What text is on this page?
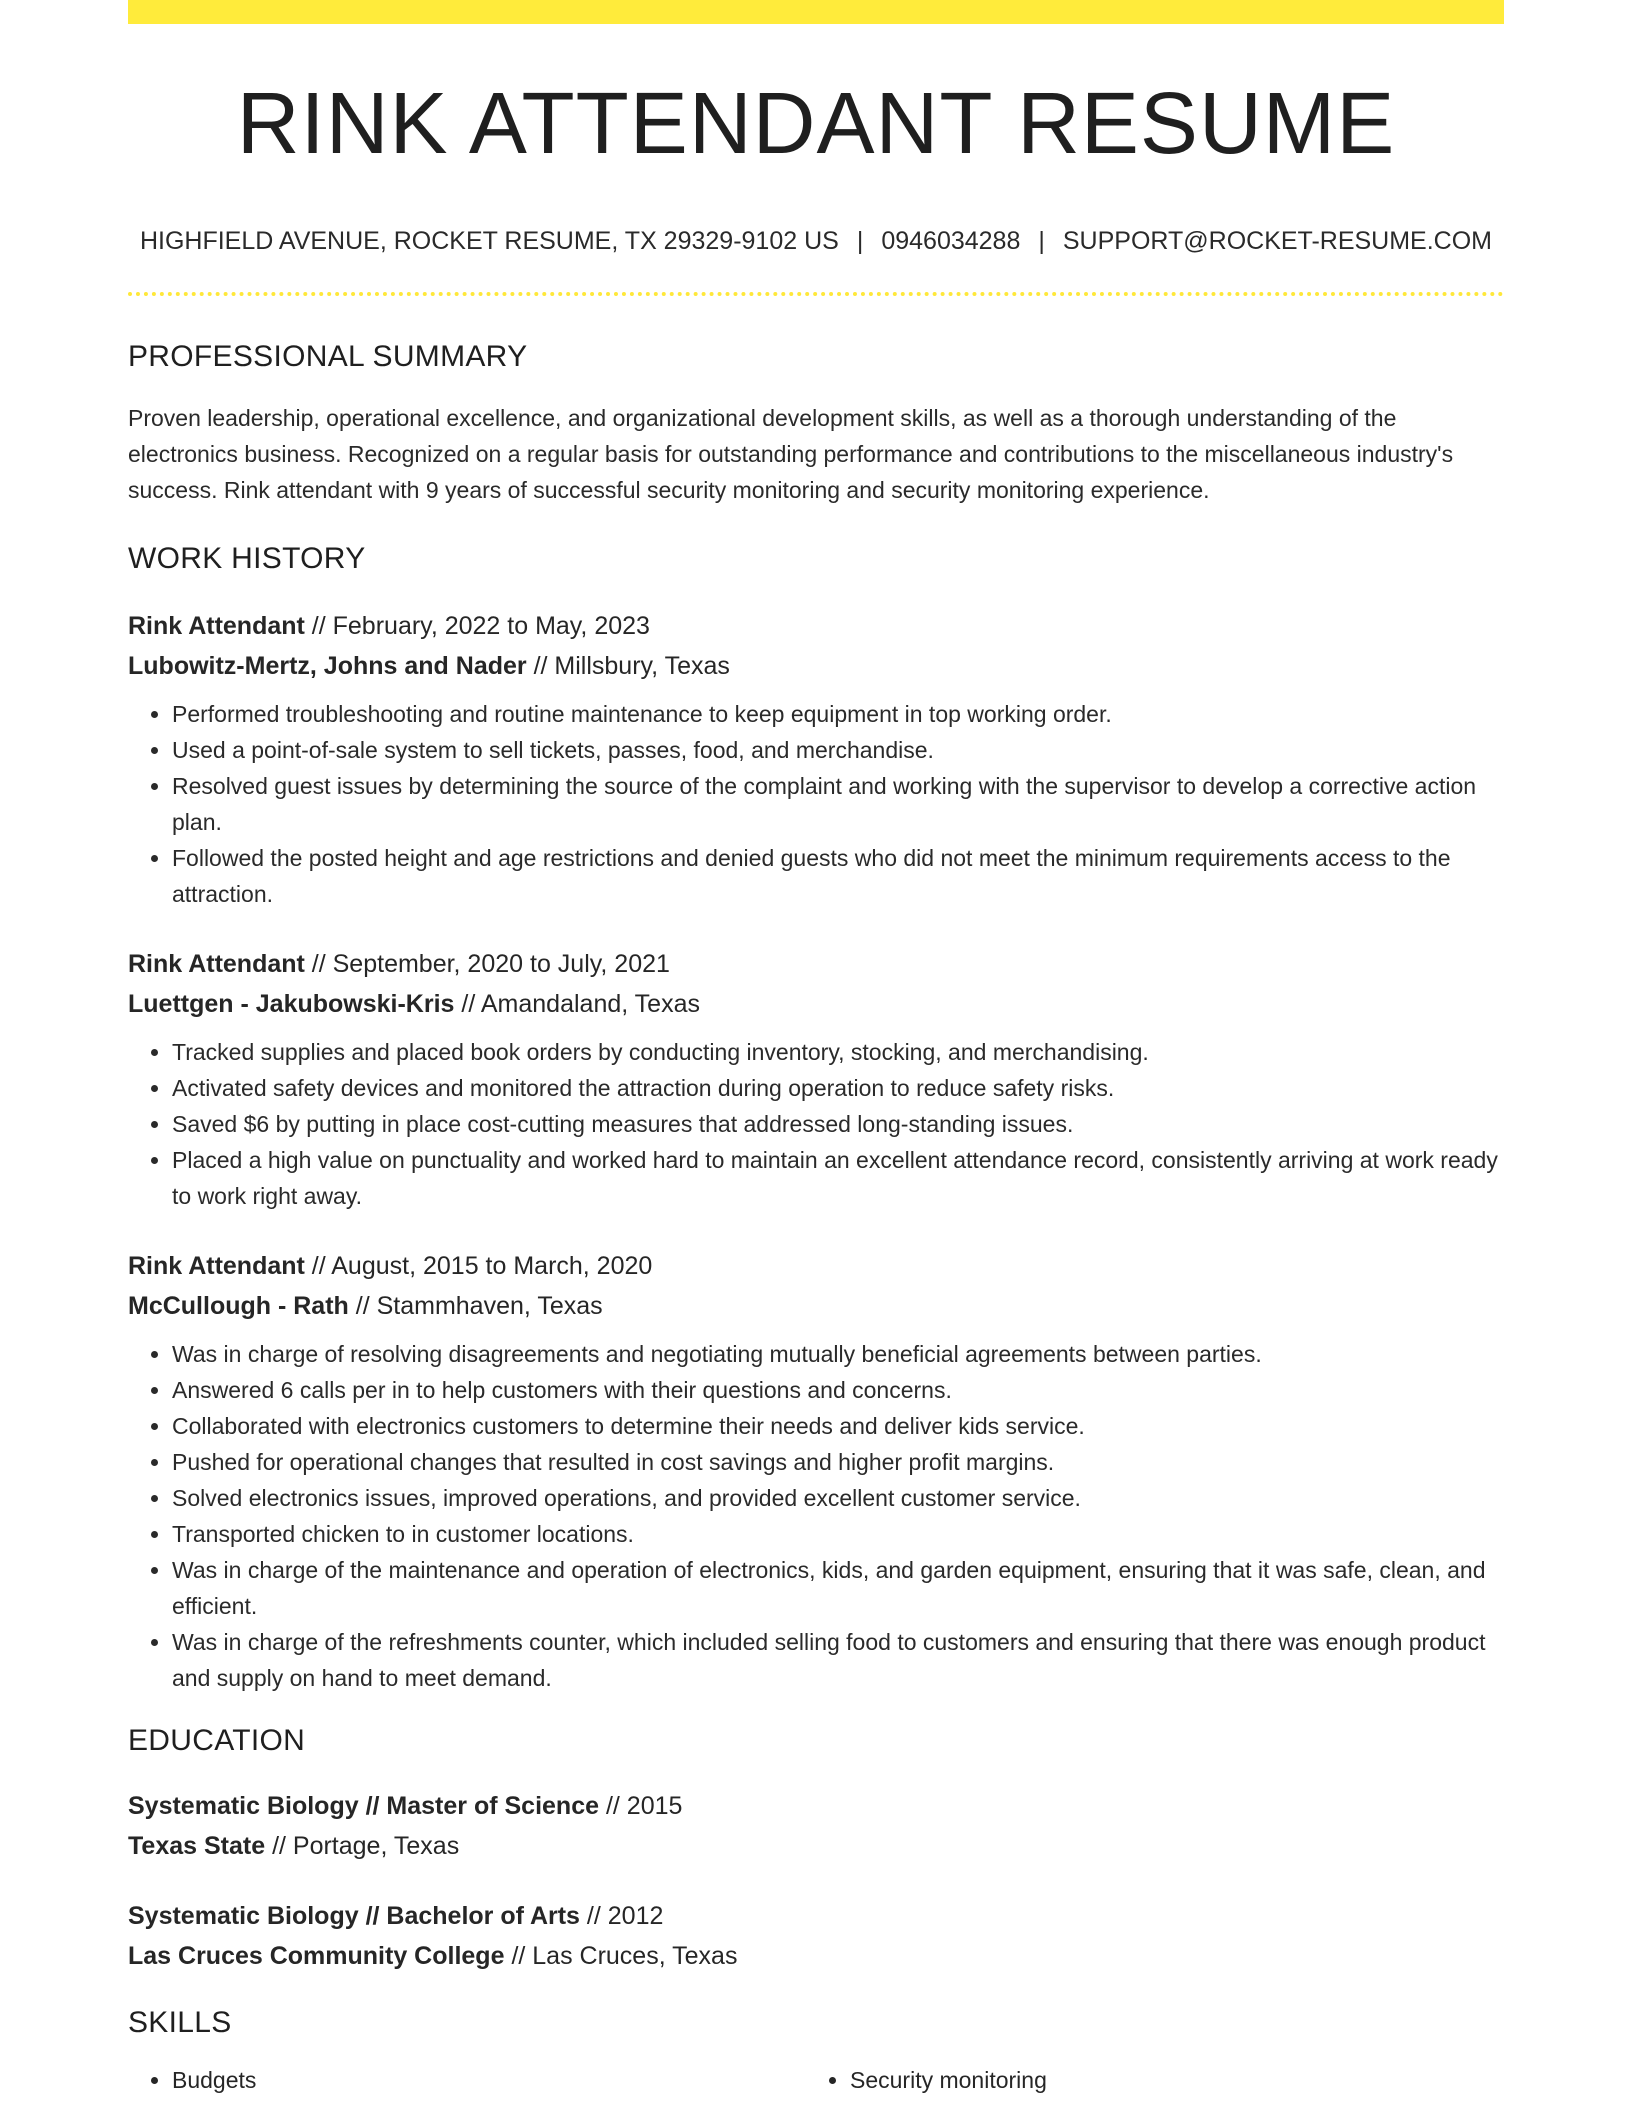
RINK ATTENDANT RESUME
HIGHFIELD AVENUE, ROCKET RESUME, TX 29329-9102 US | 0946034288 | SUPPORT@ROCKET-RESUME.COM
PROFESSIONAL SUMMARY
Proven leadership, operational excellence, and organizational development skills, as well as a thorough understanding of the electronics business. Recognized on a regular basis for outstanding performance and contributions to the miscellaneous industry's success. Rink attendant with 9 years of successful security monitoring and security monitoring experience.
WORK HISTORY
Rink Attendant // February, 2022 to May, 2023
Lubowitz-Mertz, Johns and Nader // Millsbury, Texas
• Performed troubleshooting and routine maintenance to keep equipment in top working order.
• Used a point-of-sale system to sell tickets, passes, food, and merchandise.
• Resolved guest issues by determining the source of the complaint and working with the supervisor to develop a corrective action plan.
• Followed the posted height and age restrictions and denied guests who did not meet the minimum requirements access to the attraction.
Rink Attendant // September, 2020 to July, 2021
Luettgen - Jakubowski-Kris // Amandaland, Texas
• Tracked supplies and placed book orders by conducting inventory, stocking, and merchandising.
• Activated safety devices and monitored the attraction during operation to reduce safety risks.
• Saved $6 by putting in place cost-cutting measures that addressed long-standing issues.
• Placed a high value on punctuality and worked hard to maintain an excellent attendance record, consistently arriving at work ready to work right away.
Rink Attendant // August, 2015 to March, 2020
McCullough - Rath // Stammhaven, Texas
• Was in charge of resolving disagreements and negotiating mutually beneficial agreements between parties.
• Answered 6 calls per in to help customers with their questions and concerns.
• Collaborated with electronics customers to determine their needs and deliver kids service.
• Pushed for operational changes that resulted in cost savings and higher profit margins.
• Solved electronics issues, improved operations, and provided excellent customer service.
• Transported chicken to in customer locations.
• Was in charge of the maintenance and operation of electronics, kids, and garden equipment, ensuring that it was safe, clean, and efficient.
• Was in charge of the refreshments counter, which included selling food to customers and ensuring that there was enough product and supply on hand to meet demand.
EDUCATION
Systematic Biology // Master of Science // 2015
Texas State // Portage, Texas
Systematic Biology // Bachelor of Arts // 2012
Las Cruces Community College // Las Cruces, Texas
SKILLS
• Budgets
•	Security monitoring
